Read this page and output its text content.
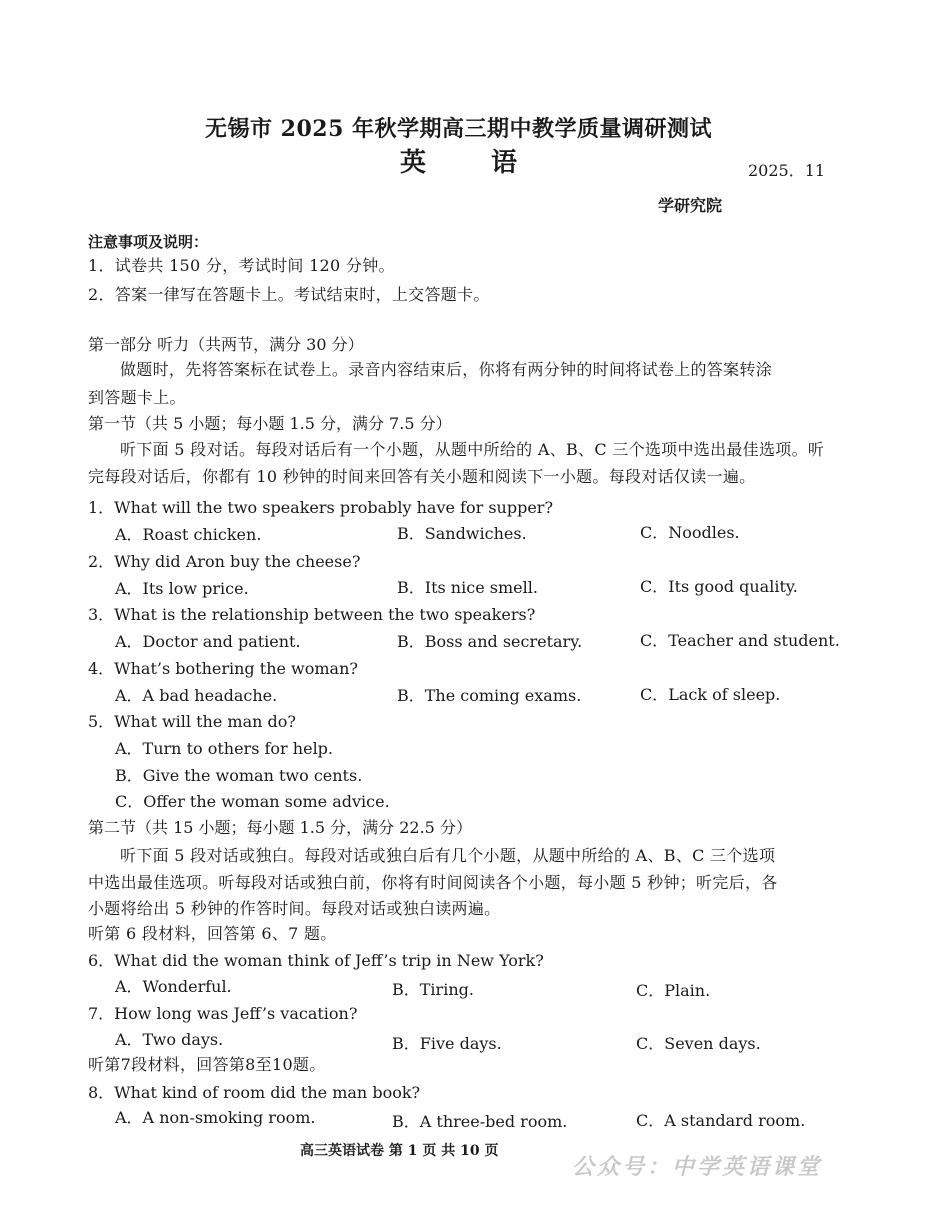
无锡市 2025 年秋学期高三期中教学质量调研测试
英 语	2025．11
学研究院
注意事项及说明：
1．试卷共 150 分，考试时间 120 分钟。
2．答案一律写在答题卡上。考试结束时，上交答题卡。
第一部分 听力（共两节，满分 30 分）
做题时，先将答案标在试卷上。录音内容结束后，你将有两分钟的时间将试卷上的答案转涂
到答题卡上。
第一节（共 5 小题；每小题 1.5 分，满分 7.5 分）
听下面 5 段对话。每段对话后有一个小题，从题中所给的 A、B、C 三个选项中选出最佳选项。听
完每段对话后，你都有 10 秒钟的时间来回答有关小题和阅读下一小题。每段对话仅读一遍。
1．What will the two speakers probably have for supper?
A．Roast chicken.	B．Sandwiches.	C．Noodles.
2．Why did Aron buy the cheese?
A．Its low price.	B．Its nice smell.	C．Its good quality.
3．What is the relationship between the two speakers?
A．Doctor and patient.	B．Boss and secretary.	C．Teacher and student.
4．What’s bothering the woman?
A．A bad headache.	B．The coming exams.	C．Lack of sleep.
5．What will the man do?
A．Turn to others for help.
B．Give the woman two cents.
C．Offer the woman some advice.
第二节（共 15 小题；每小题 1.5 分，满分 22.5 分）
听下面 5 段对话或独白。每段对话或独白后有几个小题，从题中所给的 A、B、C 三个选项
中选出最佳选项。听每段对话或独白前，你将有时间阅读各个小题，每小题 5 秒钟；听完后，各
小题将给出 5 秒钟的作答时间。每段对话或独白读两遍。
听第 6 段材料，回答第 6、7 题。
6．What did the woman think of Jeff’s trip in New York?
A．Wonderful.	B．Tiring.	C．Plain.
7．How long was Jeff’s vacation?
A．Two days.	B．Five days.	C．Seven days.
听第7段材料，回答第8至10题。
8．What kind of room did the man book?
A．A non-smoking room.	B．A three-bed room.	C．A standard room.
高三英语试卷 第 1 页 共 10 页
公众号：中学英语课堂
